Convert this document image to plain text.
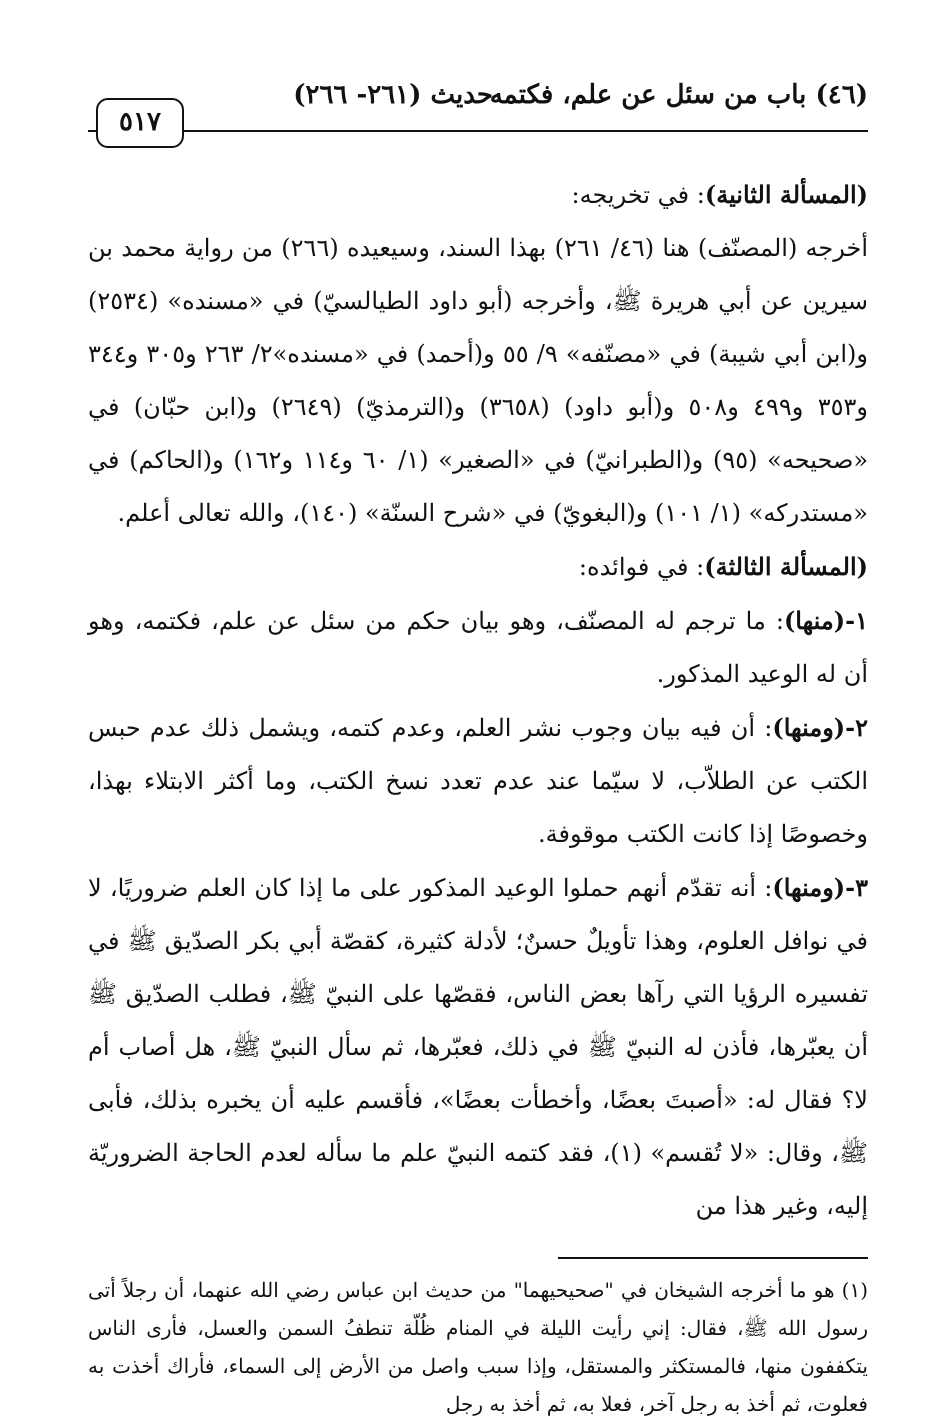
(٤٦) باب من سئل عن علم، فكتمه
حديث (٢٦١- ٢٦٦)
٥١٧

(المسألة الثانية): في تخريجه:

أخرجه (المصنّف) هنا (٤٦/ ٢٦١) بهذا السند، وسيعيده (٢٦٦) من رواية محمد بن سيرين عن أبي هريرة ﷺ، وأخرجه (أبو داود الطيالسيّ) في «مسنده» (٢٥٣٤) و(ابن أبي شيبة) في «مصنّفه» ٩/ ٥٥ و(أحمد) في «مسنده»٢/ ٢٦٣ و٣٠٥ و٣٤٤ و٣٥٣ و٤٩٩ و٥٠٨ و(أبو داود) (٣٦٥٨) و(الترمذيّ) (٢٦٤٩) و(ابن حبّان) في «صحيحه» (٩٥) و(الطبرانيّ) في «الصغير» (١/ ٦٠ و١١٤ و١٦٢) و(الحاكم) في «مستدركه» (١/ ١٠١) و(البغويّ) في «شرح السنّة» (١٤٠)، والله تعالى أعلم.

(المسألة الثالثة): في فوائده:

١-(منها): ما ترجم له المصنّف، وهو بيان حكم من سئل عن علم، فكتمه، وهو أن له الوعيد المذكور.

٢-(ومنها): أن فيه بيان وجوب نشر العلم، وعدم كتمه، ويشمل ذلك عدم حبس الكتب عن الطلاّب، لا سيّما عند عدم تعدد نسخ الكتب، وما أكثر الابتلاء بهذا، وخصوصًا إذا كانت الكتب موقوفة.

٣-(ومنها): أنه تقدّم أنهم حملوا الوعيد المذكور على ما إذا كان العلم ضروريًا، لا في نوافل العلوم، وهذا تأويلٌ حسنٌ؛ لأدلة كثيرة، كقصّة أبي بكر الصدّيق ﷺ في تفسيره الرؤيا التي رآها بعض الناس، فقصّها على النبيّ ﷺ، فطلب الصدّيق ﷺ أن يعبّرها، فأذن له النبيّ ﷺ في ذلك، فعبّرها، ثم سأل النبيّ ﷺ، هل أصاب أم لا؟ فقال له: «أصبتَ بعضًا، وأخطأت بعضًا»، فأقسم عليه أن يخبره بذلك، فأبى ﷺ، وقال: «لا تُقسم» (١)، فقد كتمه النبيّ علم ما سأله لعدم الحاجة الضروريّة إليه، وغير هذا من

(١) هو ما أخرجه الشيخان في "صحيحيهما" من حديث ابن عباس رضي الله عنهما، أن رجلاً أتى رسول الله ﷺ، فقال: إني رأيت الليلة في المنام ظُلّة تنطفُ السمن والعسل، فأرى الناس يتكففون منها، فالمستكثر والمستقل، وإذا سبب واصل من الأرض إلى السماء، فأراك أخذت به فعلوت، ثم أخذ به رجل آخر، فعلا به، ثم أخذ به رجل
